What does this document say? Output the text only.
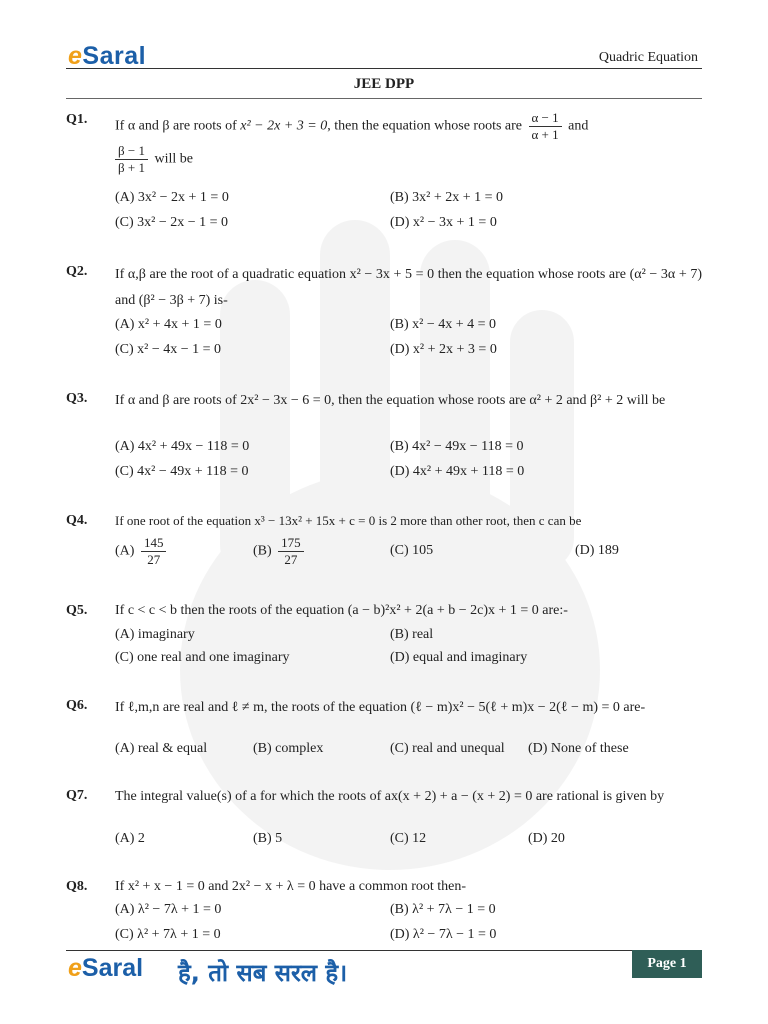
eSaral	Quadric Equation
JEE DPP
Q1. If α and β are roots of x² − 2x + 3 = 0, then the equation whose roots are $\frac{\alpha - 1}{\alpha + 1}$ and

$\frac{\beta - 1}{\beta + 1}$ will be
(A) 3x² − 2x + 1 = 0	(B) 3x² + 2x + 1 = 0
(C) 3x² − 2x − 1 = 0	(D) x² − 3x + 1 = 0
Q2. If α,β are the root of a quadratic equation x² − 3x + 5 = 0 then the equation whose roots are (α² − 3α + 7) and (β² − 3β + 7) is-
(A) x² + 4x + 1 = 0	(B) x² − 4x + 4 = 0
(C) x² − 4x − 1 = 0	(D) x² + 2x + 3 = 0
Q3. If α and β are roots of 2x² − 3x − 6 = 0, then the equation whose roots are α² + 2 and β² + 2 will be
(A) 4x² + 49x − 118 = 0	(B) 4x² − 49x − 118 = 0
(C) 4x² − 49x + 118 = 0	(D) 4x² + 49x + 118 = 0
Q4. If one root of the equation x³ − 13x² + 15x + c = 0 is 2 more than other root, then c can be
$(A) \frac{145}{27}$	$(B) \frac{175}{27}$	(C) 105	(D) 189
Q5. If c < c < b then the roots of the equation (a − b)²x² + 2(a + b − 2c)x + 1 = 0 are:-
(A) imaginary	(B) real
(C) one real and one imaginary	(D) equal and imaginary
Q6. If ℓ,m,n are real and ℓ ≠ m, the roots of the equation (ℓ − m)x² − 5(ℓ + m)x − 2(ℓ − m) = 0 are-
(A) real & equal	(B) complex	(C) real and unequal (D) None of these
Q7. The integral value(s) of a for which the roots of ax(x + 2) + a − (x + 2) = 0 are rational is given by
(A) 2	(B) 5	(C) 12	(D) 20
Q8. If x² + x − 1 = 0 and 2x² − x + λ = 0 have a common root then-
(A) λ² − 7λ + 1 = 0	(B) λ² + 7λ − 1 = 0
(C) λ² + 7λ + 1 = 0	(D) λ² − 7λ − 1 = 0
eSaral है, तो सब सरल है।	Page 1
